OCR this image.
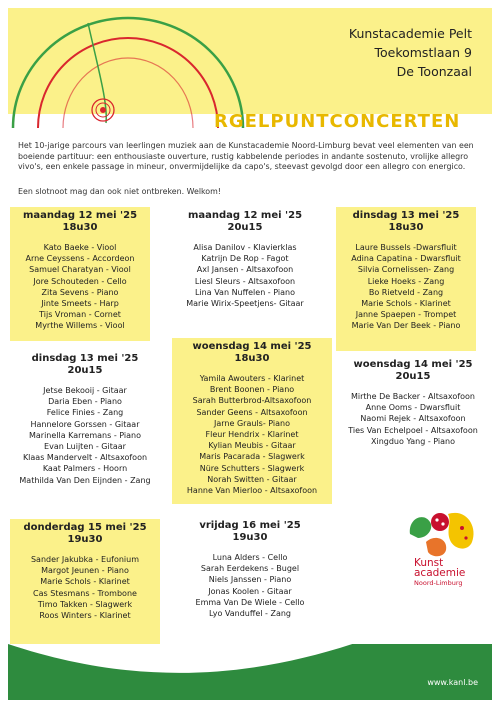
Kunstacademie Pelt
Toekomstlaan 9
De Toonzaal
RGELPUNTCONCERTEN

Het 10-jarige parcours van leerlingen muziek aan de Kunstacademie Noord-Limburg bevat veel elementen van een boeiende partituur: een enthousiaste ouverture, rustig kabbelende periodes in andante sostenuto, vrolijke allegro vivo's, een enkele passage in mineur, onvermijdelijke da capo's, steevast gevolgd door een allegro con energico.

Een slotnoot mag dan ook niet ontbreken. Welkom!
maandag 12 mei '25
18u30
Kato Baeke - Viool
Arne Ceyssens - Accordeon
Samuel Charatyan - Viool
Jore Schouteden - Cello
Zita Sevens - Piano
Jinte Smeets - Harp
Tijs Vroman - Cornet
Myrthe Willems - Viool
maandag 12 mei '25
20u15
Alisa Danilov - Klavierklas
Katrijn De Rop - Fagot
Axl Jansen - Altsaxofoon
Liesl Sleurs - Altsaxofoon
Lina Van Nuffelen - Piano
Marie Wirix-Speetjens- Gitaar
dinsdag 13 mei '25
18u30
Laure Bussels -Dwarsfluit
Adina Capatina - Dwarsfluit
Silvia Cornelissen- Zang
Lieke Hoeks - Zang
Bo Rietveld - Zang
Marie Schols - Klarinet
Janne Spaepen - Trompet
Marie Van Der Beek - Piano
dinsdag 13 mei '25
20u15
Jetse Bekooij - Gitaar
Daria Eben - Piano
Felice Finies - Zang
Hannelore Gorssen - Gitaar
Marinella Karremans - Piano
Evan Luijten - Gitaar
Klaas Mandervelt - Altsaxofoon
Kaat Palmers - Hoorn
Mathilda Van Den Eijnden - Zang
woensdag 14 mei '25
18u30
Yamila Awouters - Klarinet
Brent Boonen - Piano
Sarah Butterbrod-Altsaxofoon
Sander Geens - Altsaxofoon
Jarne Grauls- Piano
Fleur Hendrix - Klarinet
Kylian Meubis - Gitaar
Maris Pacarada - Slagwerk
Nüre Schutters - Slagwerk
Norah Switten - Gitaar
Hanne Van Mierloo - Altsaxofoon
woensdag 14 mei '25
20u15
Mirthe De Backer - Altsaxofoon
Anne Ooms - Dwarsfluit
Naomi Rejek - Altsaxofoon
Ties Van Echelpoel - Altsaxofoon
Xingduo Yang - Piano
donderdag 15 mei '25
19u30
Sander Jakubka - Eufonium
Margot Jeunen - Piano
Marie Schols - Klarinet
Cas Stesmans - Trombone
Timo Takken - Slagwerk
Roos Winters - Klarinet
vrijdag 16 mei '25
19u30
Luna Alders - Cello
Sarah Eerdekens - Bugel
Niels Janssen - Piano
Jonas Koolen - Gitaar
Emma Van De Wiele - Cello
Lyo Vanduffel - Zang
Kunst
academie
Noord-Limburg
www.kanl.be
